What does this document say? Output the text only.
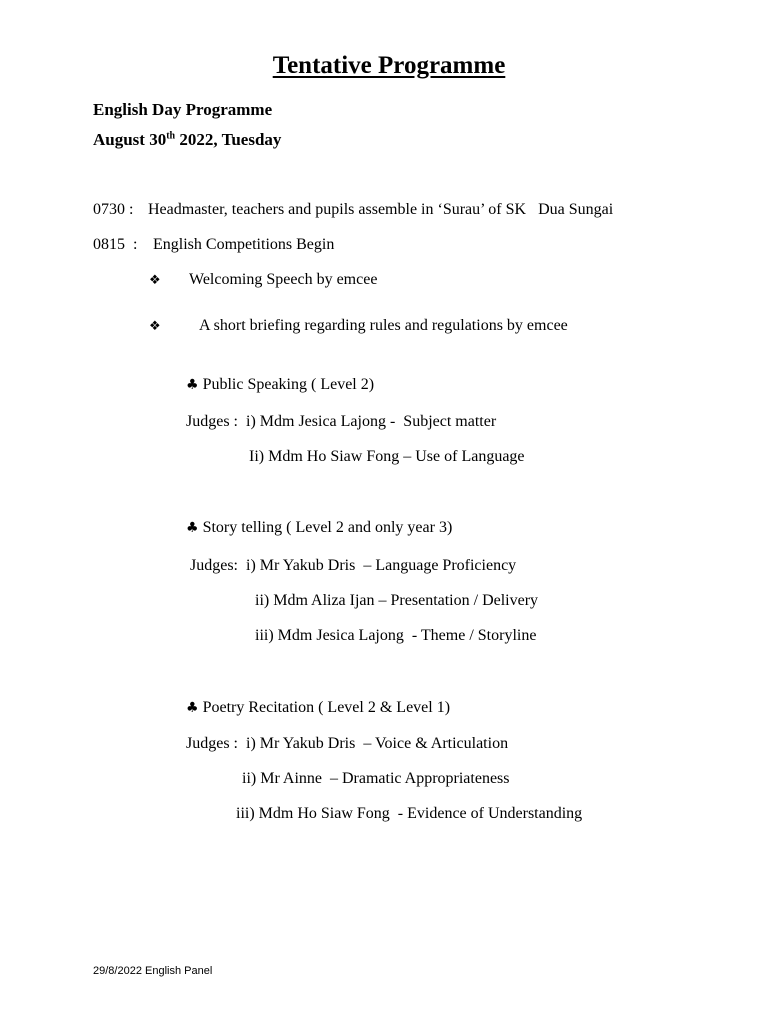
Tentative Programme
English Day Programme
August 30th 2022, Tuesday
0730 : Headmaster, teachers and pupils assemble in ‘Surau’ of SK   Dua Sungai
0815  : English Competitions Begin
❖ Welcoming Speech by emcee
❖ A short briefing regarding rules and regulations by emcee
♣ Public Speaking ( Level 2)
Judges :  i) Mdm Jesica Lajong -  Subject matter
Ii) Mdm Ho Siaw Fong – Use of Language
♣ Story telling ( Level 2 and only year 3)
Judges:  i) Mr Yakub Dris  – Language Proficiency
ii) Mdm Aliza Ijan – Presentation / Delivery
iii) Mdm Jesica Lajong  - Theme / Storyline
♣ Poetry Recitation ( Level 2 & Level 1)
Judges :  i) Mr Yakub Dris  – Voice & Articulation
ii) Mr Ainne  – Dramatic Appropriateness
iii) Mdm Ho Siaw Fong  - Evidence of Understanding
29/8/2022 English Panel
